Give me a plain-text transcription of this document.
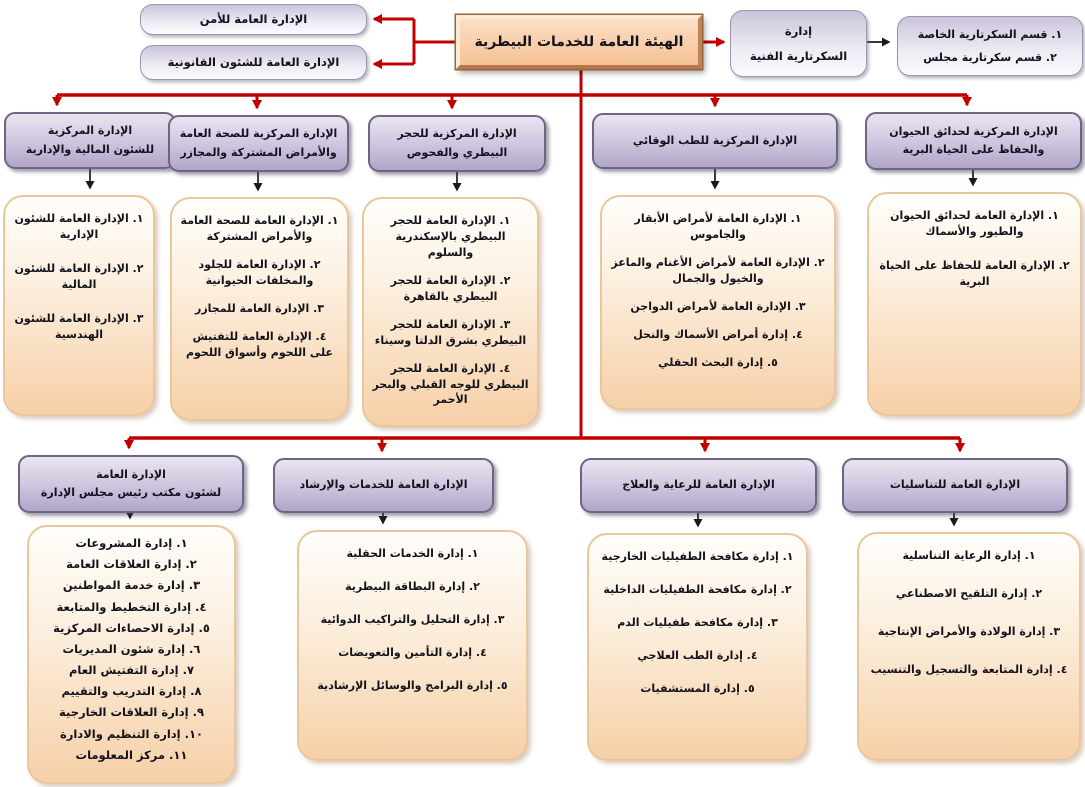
الإدارة العامة للأمن
الإدارة العامة للشئون القانونية
الهيئة العامة للخدمات البيطرية
إدارة
السكرتارية الفنية
١. قسم السكرتارية الخاصة
٢. قسم سكرتارية مجلس
الإدارة المركزية
للشئون المالية والإدارية
الإدارة المركزية للصحة العامة
والأمراض المشتركة والمجازر
الإدارة المركزية للحجر
البيطري والفحوص
الإدارة المركزية للطب الوقائي
الإدارة المركزية لحدائق الحيوان
والحفاظ على الحياة البرية
١. الإدارة العامة للشئون الإدارية
٢. الإدارة العامة للشئون المالية
٣. الإدارة العامة للشئون الهندسية
١. الإدارة العامة للصحة العامة والأمراض المشتركة
٢. الإدارة العامة للجلود والمخلفات الحيوانية
٣. الإدارة العامة للمجازر
٤. الإدارة العامة للتفتيش على اللحوم وأسواق اللحوم
١. الإدارة العامة للحجر البيطري بالإسكندرية والسلوم
٢. الإدارة العامة للحجر البيطري بالقاهرة
٣. الإدارة العامة للحجر البيطري بشرق الدلتا وسيناء
٤. الإدارة العامة للحجر البيطري للوجه القبلي والبحر الأحمر
١. الإدارة العامة لأمراض الأبقار والجاموس
٢. الإدارة العامة لأمراض الأغنام والماعز والخيول والجمال
٣. الإدارة العامة لأمراض الدواجن
٤. إدارة أمراض الأسماك والنحل
٥. إدارة البحث الحقلي
١. الإدارة العامة لحدائق الحيوان والطيور والأسماك
٢. الإدارة العامة للحفاظ على الحياة البرية
الإدارة العامة
لشئون مكتب رئيس مجلس الإدارة
الإدارة العامة للخدمات والإرشاد	الإدارة العامة للرعاية والعلاج	الإدارة العامة للتناسليات
١. إدارة المشروعات
٢. إدارة العلاقات العامة
٣. إدارة خدمة المواطنين
٤. إدارة التخطيط والمتابعة
٥. إدارة الاحصاءات المركزية
٦. إدارة شئون المديريات
٧. إدارة التفتيش العام
٨. إدارة التدريب والتقييم
٩. إدارة العلاقات الخارجية
١٠. إدارة التنظيم والادارة
١١. مركز المعلومات
١. إدارة الخدمات الحقلية
٢. إدارة البطاقة البيطرية
٣. إدارة التحليل والتراكيب الدوائية
٤. إدارة التأمين والتعويضات
٥. إدارة البرامج والوسائل الإرشادية
١. إدارة مكافحة الطفيليات الخارجية
٢. إدارة مكافحة الطفيليات الداخلية
٣. إدارة مكافحة طفيليات الدم
٤. إدارة الطب العلاجي
٥. إدارة المستشفيات
١. إدارة الرعاية التناسلية
٢. إدارة التلقيح الاصطناعي
٣. إدارة الولادة والأمراض الإنتاجية
٤. إدارة المتابعة والتسجيل والتنسيب
